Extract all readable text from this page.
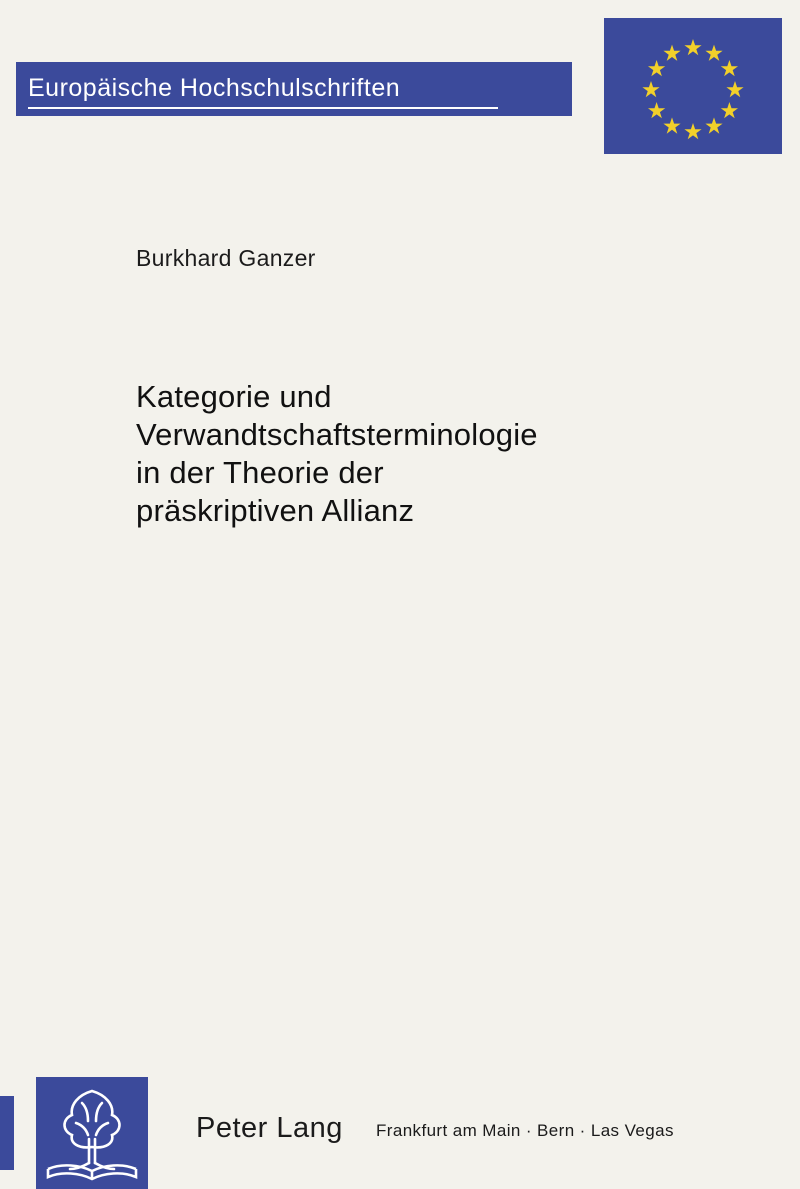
Europäische Hochschulschriften
Burkhard Ganzer
Kategorie und
Verwandtschaftsterminologie
in der Theorie der
präskriptiven Allianz
Peter Lang Frankfurt am Main · Bern · Las Vegas
